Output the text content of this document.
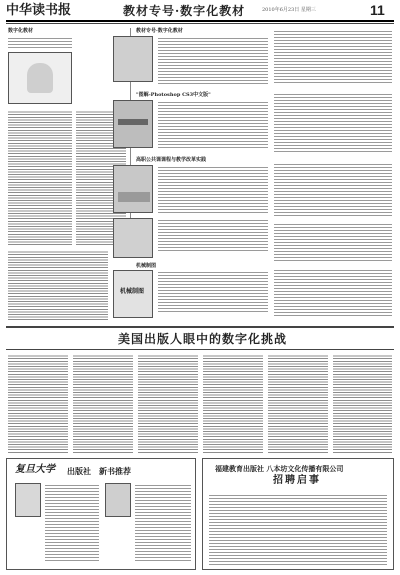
中华读书报	教材专号·数字化教材	2010年6月23日 星期三	11
数字化教材	教材专号·数字化教材
"图解-Photoshop CS3中文版"
高职公共课课程与教学改革实践
机械制图
机械制图
美国出版人眼中的数字化挑战
复旦大学 出版社 新书推荐	福建教育出版社 八本坊文化传播有限公司
招聘启事
